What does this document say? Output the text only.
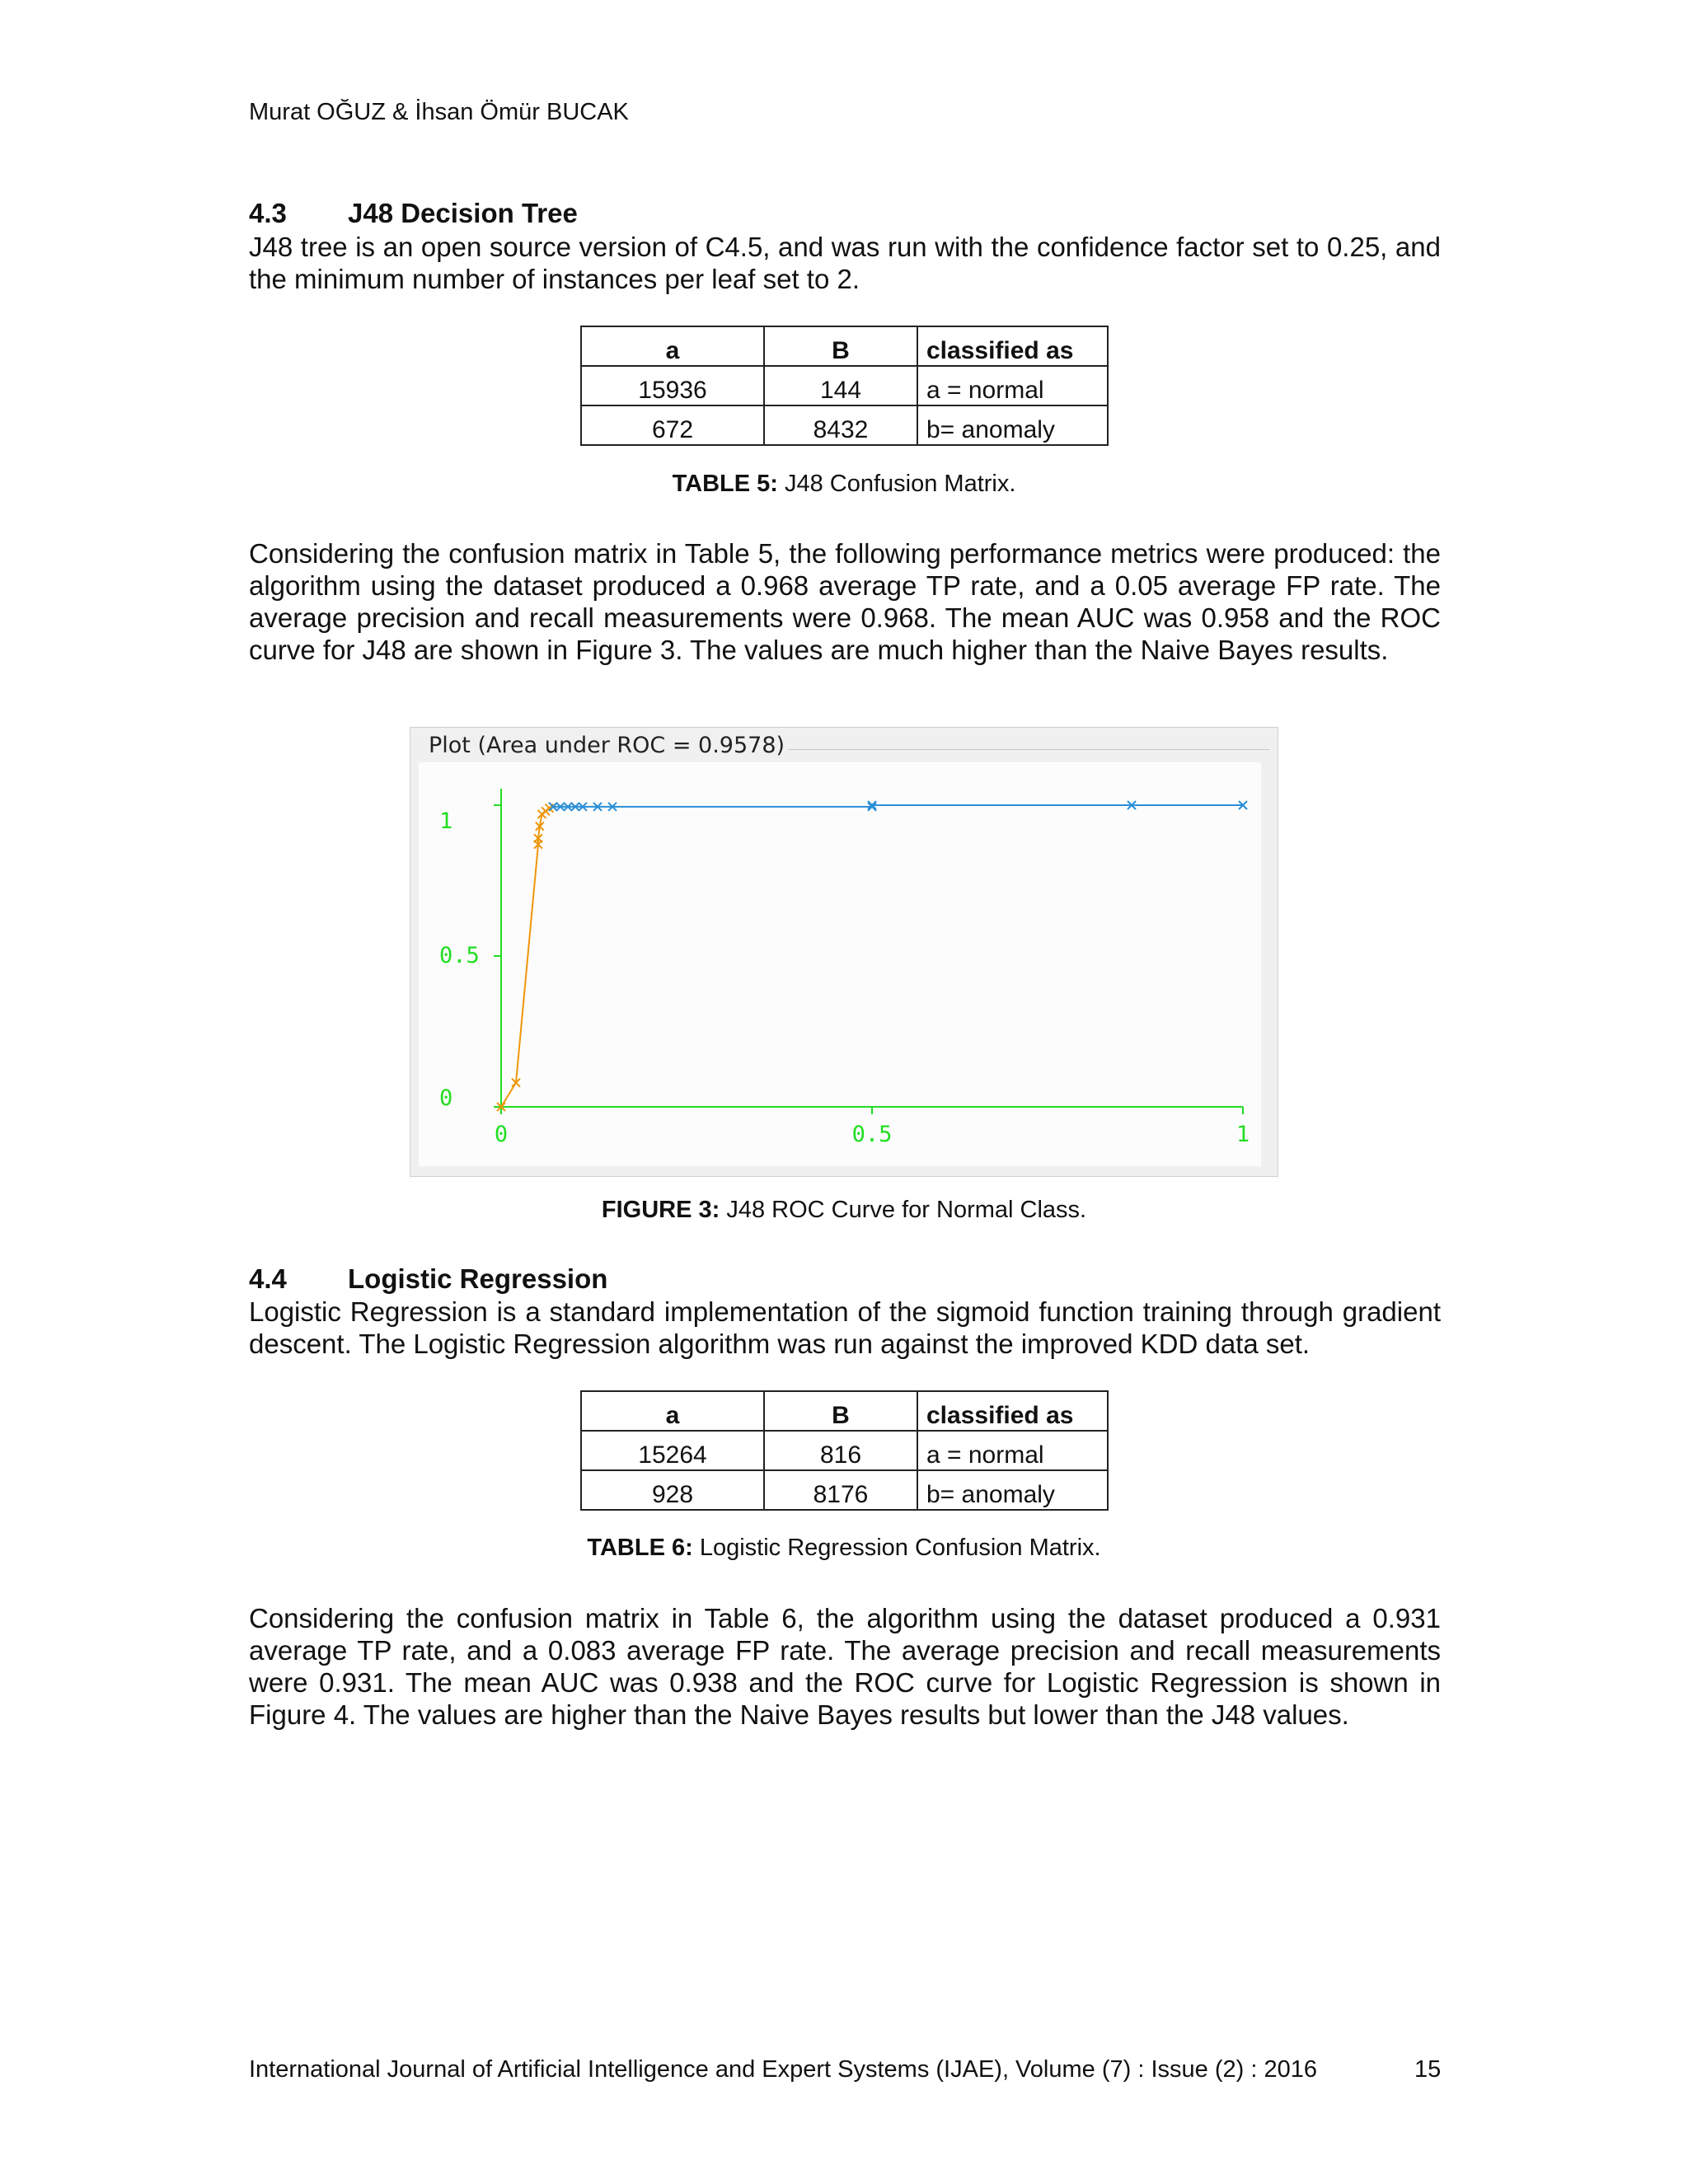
Murat OĞUZ & İhsan Ömür BUCAK
4.3 J48 Decision Tree

J48 tree is an open source version of C4.5, and was run with the confidence factor set to 0.25, and the minimum number of instances per leaf set to 2.

a	B	classified as
15936	144	a = normal
672	8432	b= anomaly
TABLE 5: J48 Confusion Matrix.

Considering the confusion matrix in Table 5, the following performance metrics were produced: the algorithm using the dataset produced a 0.968 average TP rate, and a 0.05 average FP rate. The average precision and recall measurements were 0.968. The mean AUC was 0.958 and the ROC curve for J48 are shown in Figure 3. The values are much higher than the Naive Bayes results.

Plot (Area under ROC = 0.9578)
0	0.5	1
0
0.5
1
FIGURE 3: J48 ROC Curve for Normal Class.
4.4 Logistic Regression

Logistic Regression is a standard implementation of the sigmoid function training through gradient descent. The Logistic Regression algorithm was run against the improved KDD data set.

a	B	classified as
15264	816	a = normal
928	8176	b= anomaly
TABLE 6: Logistic Regression Confusion Matrix.

Considering the confusion matrix in Table 6, the algorithm using the dataset produced a 0.931 average TP rate, and a 0.083 average FP rate. The average precision and recall measurements were 0.931. The mean AUC was 0.938 and the ROC curve for Logistic Regression is shown in Figure 4. The values are higher than the Naive Bayes results but lower than the J48 values.

International Journal of Artificial Intelligence and Expert Systems (IJAE), Volume (7) : Issue (2) : 2016	15
